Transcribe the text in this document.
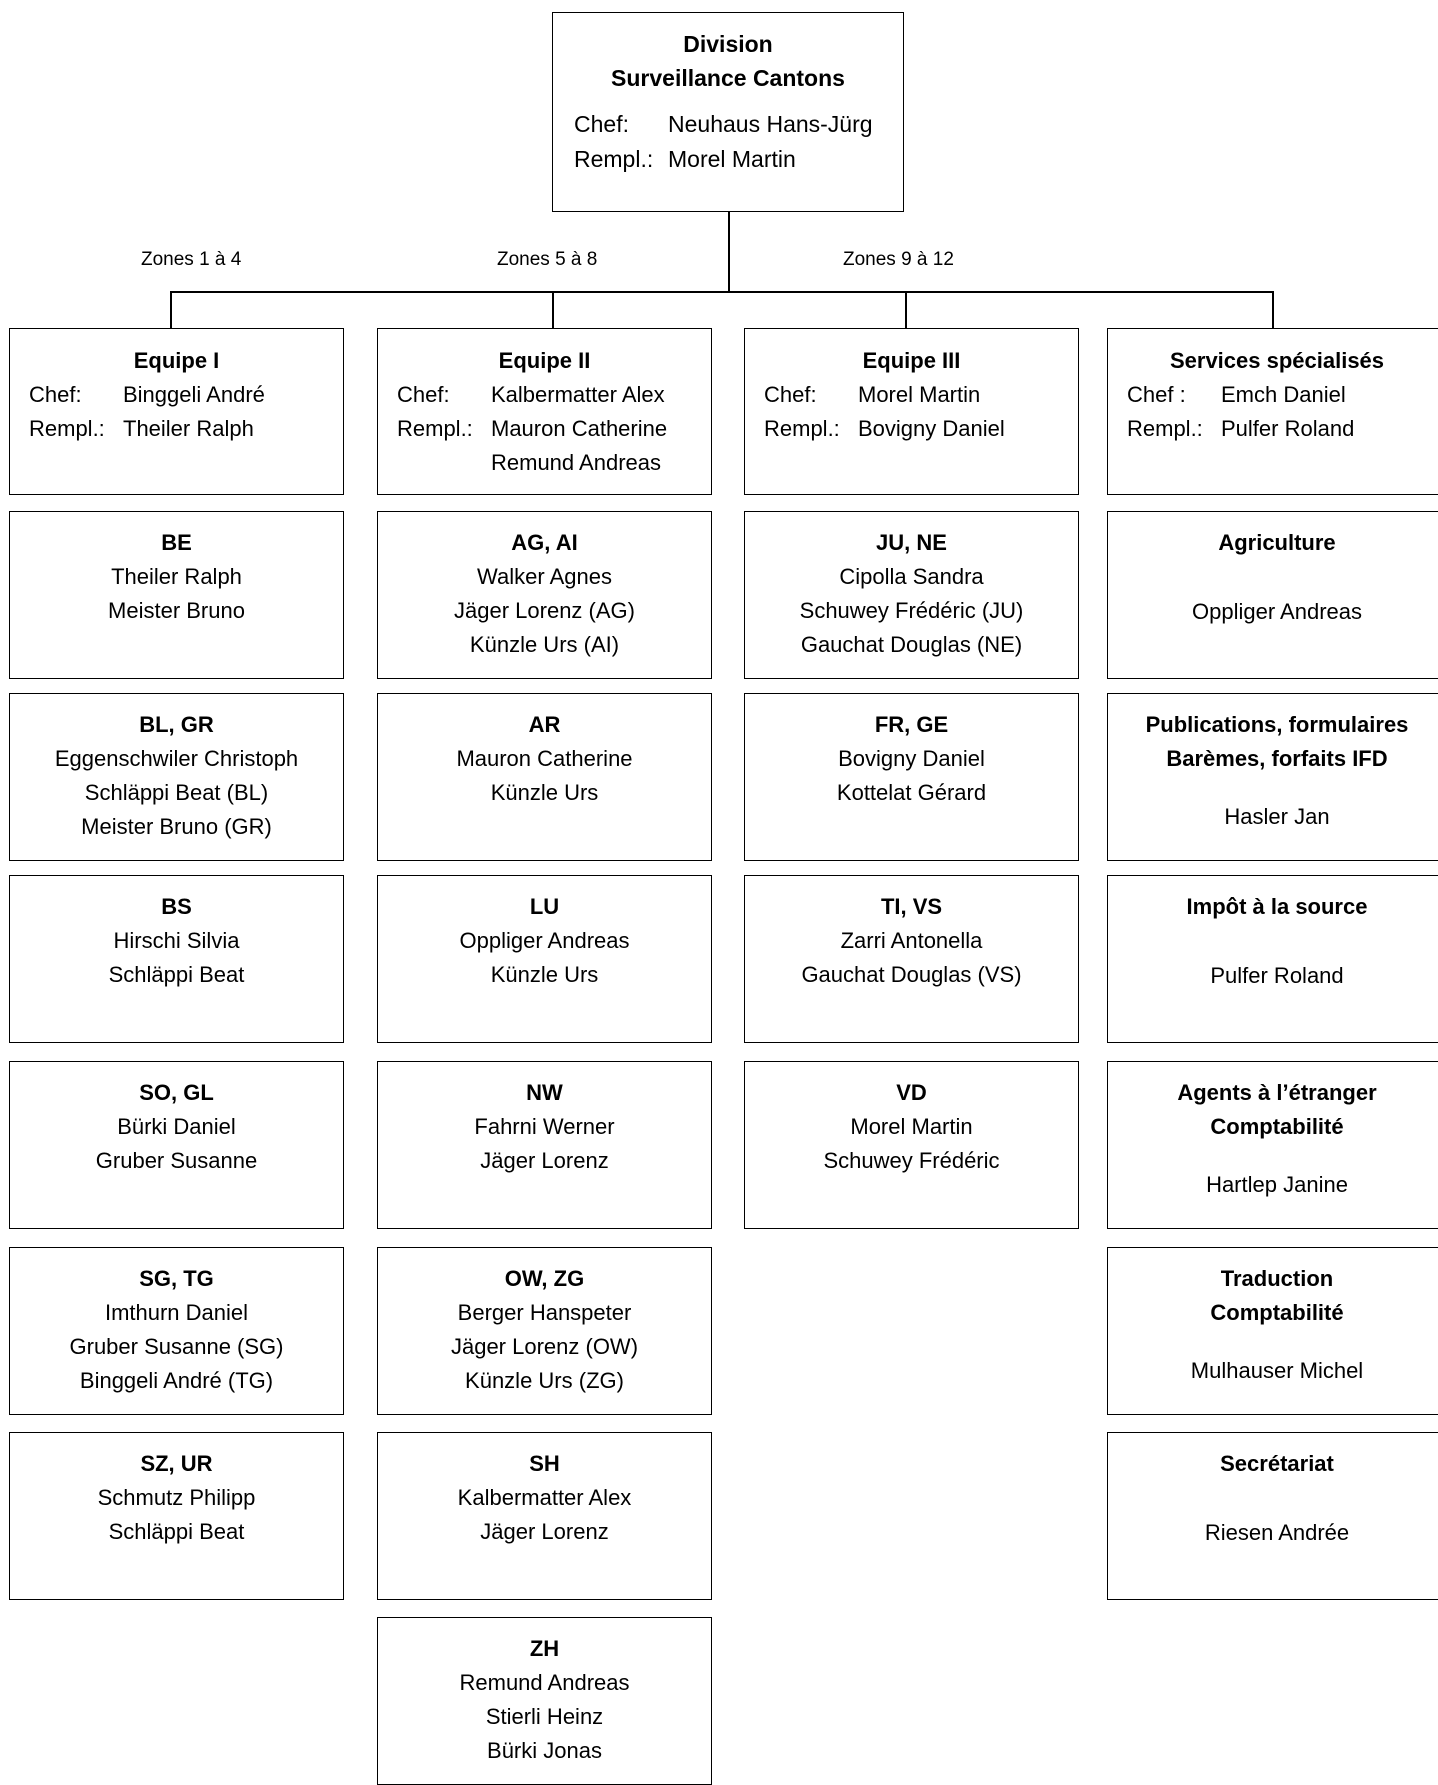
Division
Surveillance Cantons
Chef:	Neuhaus Hans-Jürg
Rempl.: Morel Martin
Zones 1 à 4	Zones 5 à 8	Zones 9 à 12
Equipe I
Chef:	Binggeli André
Rempl.: Theiler Ralph
Equipe II
Chef:	Kalbermatter Alex
Rempl.: Mauron Catherine
Remund Andreas
Equipe III
Chef:	Morel Martin
Rempl.: Bovigny Daniel
Services spécialisés
Chef :	Emch Daniel
Rempl.: Pulfer Roland
BE
Theiler Ralph
Meister Bruno
BL, GR
Eggenschwiler Christoph
Schläppi Beat (BL)
Meister Bruno (GR)
BS
Hirschi Silvia
Schläppi Beat
SO, GL
Bürki Daniel
Gruber Susanne
SG, TG
Imthurn Daniel
Gruber Susanne (SG)
Binggeli André (TG)
SZ, UR
Schmutz Philipp
Schläppi Beat
AG, AI
Walker Agnes
Jäger Lorenz (AG)
Künzle Urs (AI)
AR
Mauron Catherine
Künzle Urs
LU
Oppliger Andreas
Künzle Urs
NW
Fahrni Werner
Jäger Lorenz
OW, ZG
Berger Hanspeter
Jäger Lorenz (OW)
Künzle Urs (ZG)
SH
Kalbermatter Alex
Jäger Lorenz
ZH
Remund Andreas
Stierli Heinz
Bürki Jonas
JU, NE
Cipolla Sandra
Schuwey Frédéric (JU)
Gauchat Douglas (NE)
FR, GE
Bovigny Daniel
Kottelat Gérard
TI, VS
Zarri Antonella
Gauchat Douglas (VS)
VD
Morel Martin
Schuwey Frédéric
Agriculture
Oppliger Andreas
Publications, formulaires
Barèmes, forfaits IFD
Hasler Jan
Impôt à la source
Pulfer Roland
Agents à l’étranger
Comptabilité
Hartlep Janine
Traduction
Comptabilité
Mulhauser Michel
Secrétariat
Riesen Andrée
